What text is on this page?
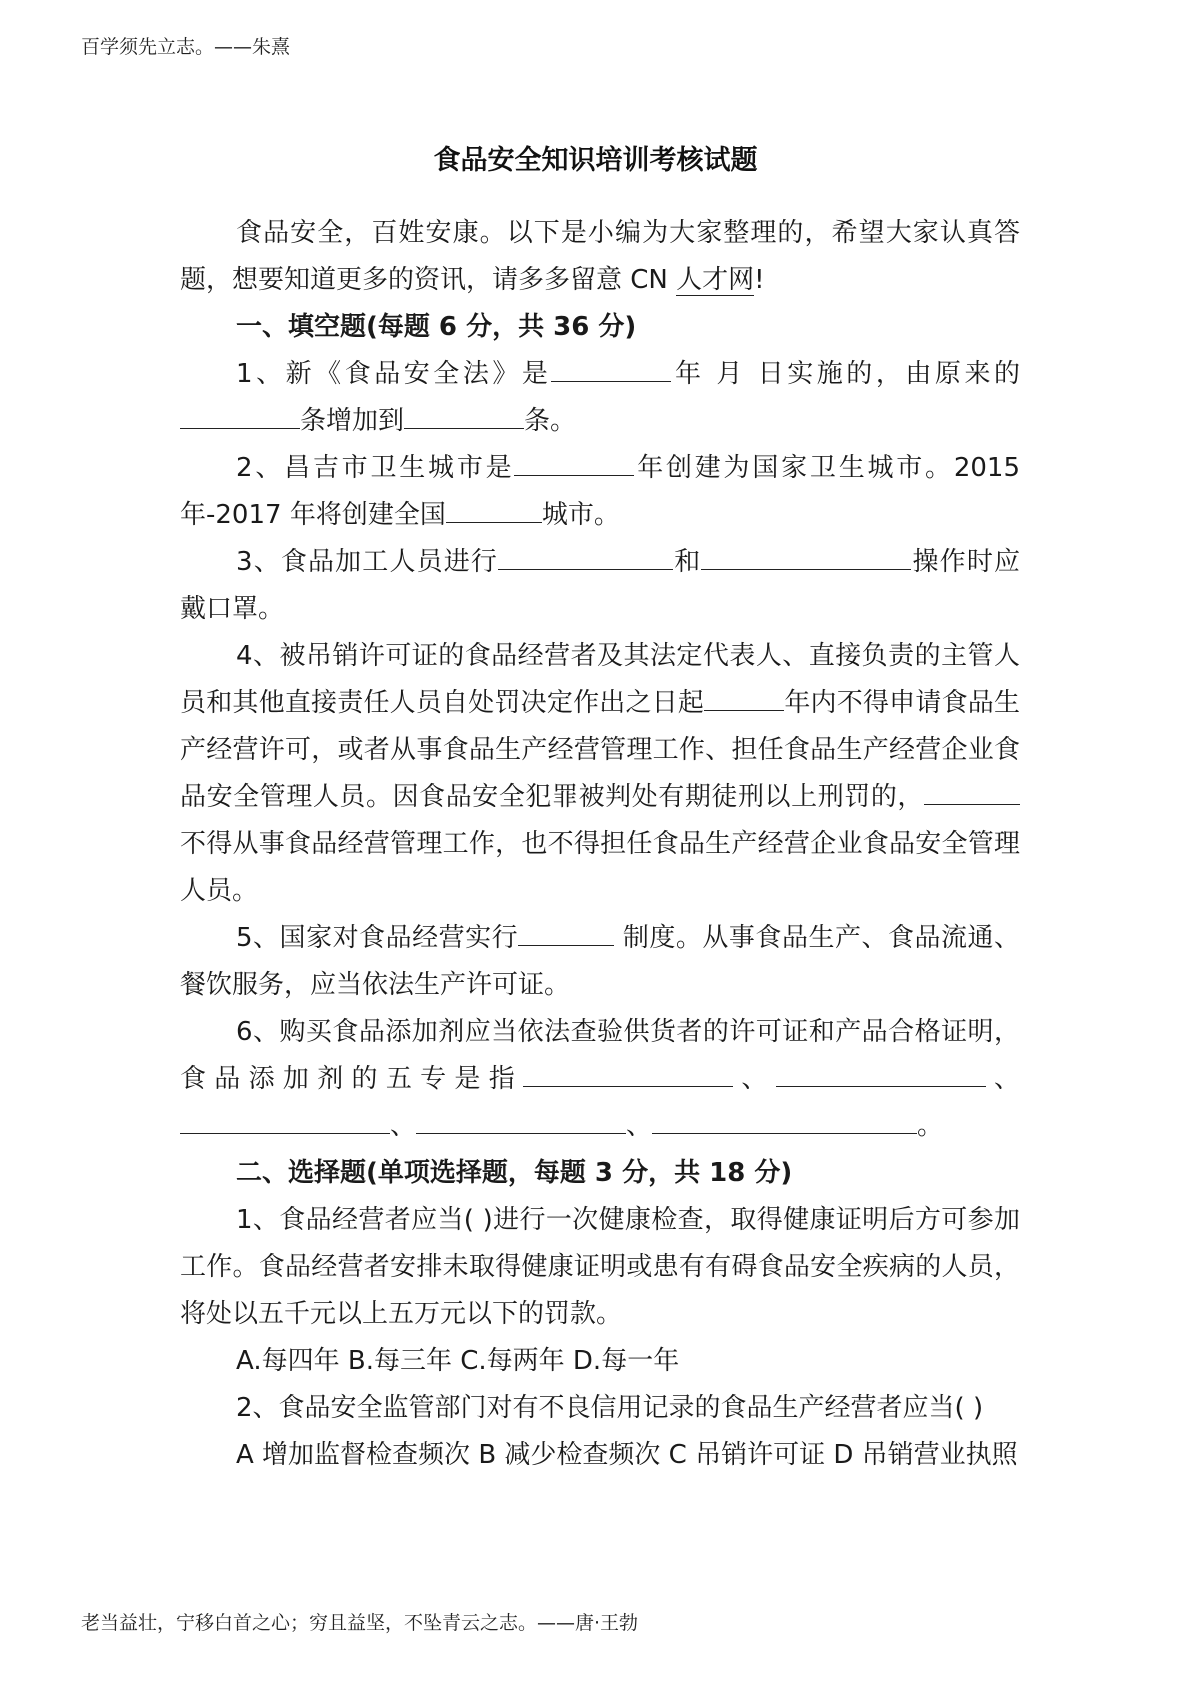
百学须先立志。——朱熹
食品安全知识培训考核试题

食品安全，百姓安康。以下是小编为大家整理的，希望大家认真答题，想要知道更多的资讯，请多多留意 CN 人才网!

一、填空题(每题 6 分，共 36 分)

1、新《食品安全法》是	年 月 日实施的，由原来的条增加到	条。

2、昌吉市卫生城市是	年创建为国家卫生城市。2015 年-2017 年将创建全国	城市。

3、食品加工人员进行	和	操作时应戴口罩。

4、被吊销许可证的食品经营者及其法定代表人、直接负责的主管人员和其他直接责任人员自处罚决定作出之日起	年内不得申请食品生产经营许可，或者从事食品生产经营管理工作、担任食品生产经营企业食品安全管理人员。因食品安全犯罪被判处有期徒刑以上刑罚的，不得从事食品经营管理工作，也不得担任食品生产经营企业食品安全管理人员。

5、国家对食品经营实行	制度。从事食品生产、食品流通、餐饮服务，应当依法生产许可证。

6、购买食品添加剂应当依法查验供货者的许可证和产品合格证明，食品添加剂的五专是指	、	、、	、	。

二、选择题(单项选择题，每题 3 分，共 18 分)

1、食品经营者应当( )进行一次健康检查，取得健康证明后方可参加工作。食品经营者安排未取得健康证明或患有有碍食品安全疾病的人员，将处以五千元以上五万元以下的罚款。

A.每四年 B.每三年 C.每两年 D.每一年

2、食品安全监管部门对有不良信用记录的食品生产经营者应当( )

A 增加监督检查频次 B 减少检查频次 C 吊销许可证 D 吊销营业执照

老当益壮，宁移白首之心；穷且益坚，不坠青云之志。——唐·王勃
